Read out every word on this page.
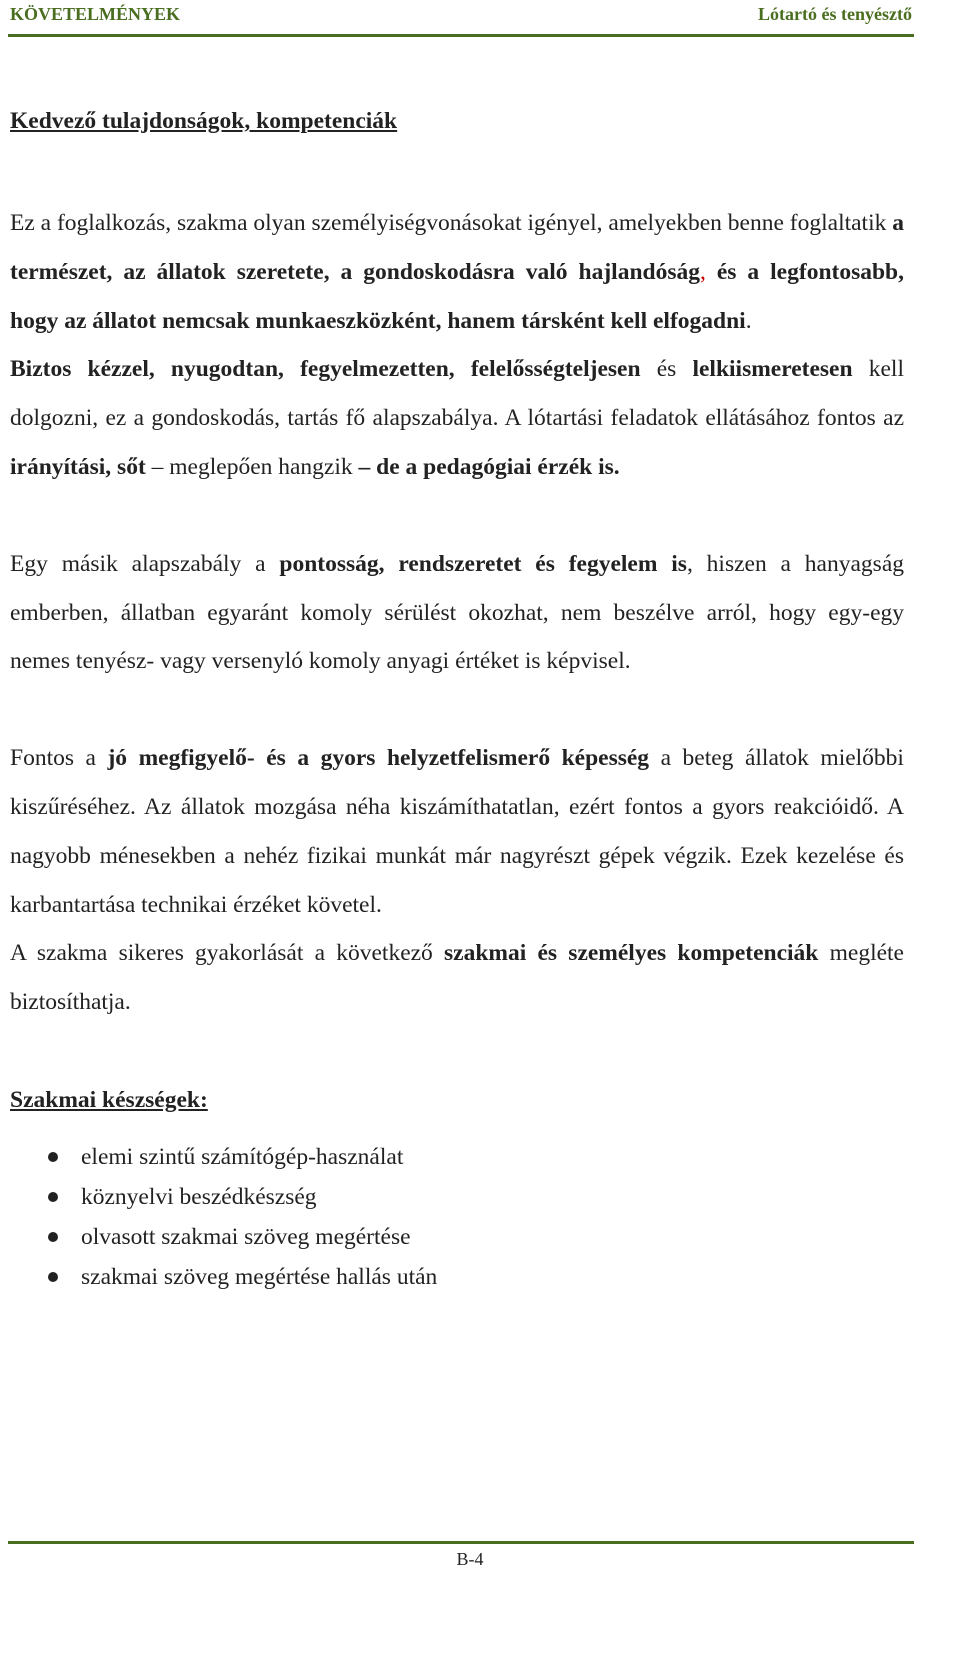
KÖVETELMÉNYEK	Lótartó és tenyésztő
Kedvező tulajdonságok, kompetenciák

Ez a foglalkozás, szakma olyan személyiségvonásokat igényel, amelyekben benne foglaltatik a természet, az állatok szeretete, a gondoskodásra való hajlandóság, és a legfontosabb, hogy az állatot nemcsak munkaeszközként, hanem társként kell elfogadni.
Biztos kézzel, nyugodtan, fegyelmezetten, felelősségteljesen és lelkiismeretesen kell dolgozni, ez a gondoskodás, tartás fő alapszabálya. A lótartási feladatok ellátásához fontos az irányítási, sőt – meglepően hangzik – de a pedagógiai érzék is.

Egy másik alapszabály a pontosság, rendszeretet és fegyelem is, hiszen a hanyagság emberben, állatban egyaránt komoly sérülést okozhat, nem beszélve arról, hogy egy-egy nemes tenyész- vagy versenyló komoly anyagi értéket is képvisel.

Fontos a jó megfigyelő- és a gyors helyzetfelismerő képesség a beteg állatok mielőbbi kiszűréséhez. Az állatok mozgása néha kiszámíthatatlan, ezért fontos a gyors reakcióidő. A nagyobb ménesekben a nehéz fizikai munkát már nagyrészt gépek végzik. Ezek kezelése és karbantartása technikai érzéket követel.

A szakma sikeres gyakorlását a következő szakmai és személyes kompetenciák megléte biztosíthatja.

Szakmai készségek:
elemi szintű számítógép-használat
köznyelvi beszédkészség
olvasott szakmai szöveg megértése
szakmai szöveg megértése hallás után
B-4
